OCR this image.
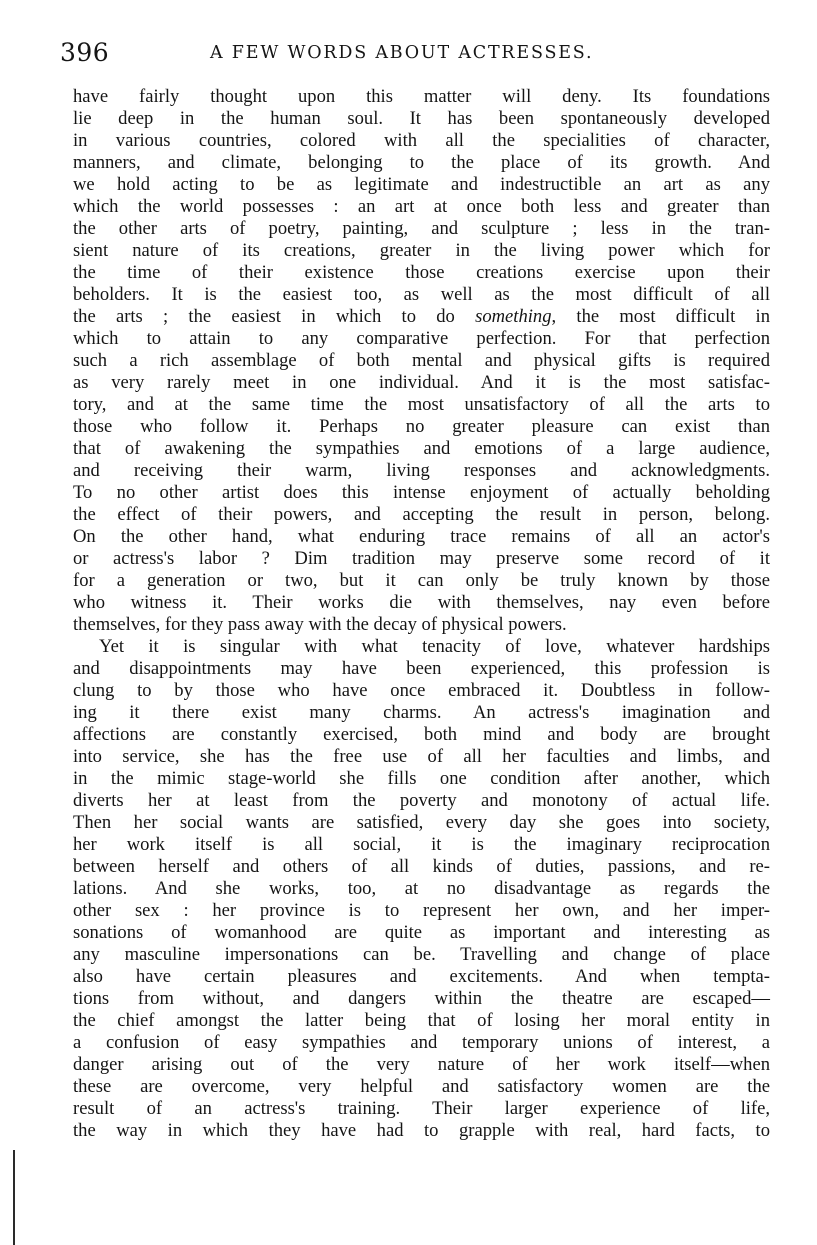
396	A FEW WORDS ABOUT ACTRESSES.
have fairly thought upon this matter will deny. Its foundations
lie deep in the human soul. It has been spontaneously developed
in various countries, colored with all the specialities of character,
manners, and climate, belonging to the place of its growth. And
we hold acting to be as legitimate and indestructible an art as any
which the world possesses : an art at once both less and greater than
the other arts of poetry, painting, and sculpture ; less in the tran-
sient nature of its creations, greater in the living power which for
the time of their existence those creations exercise upon their
beholders. It is the easiest too, as well as the most difficult of all
the arts ; the easiest in which to do something, the most difficult in
which to attain to any comparative perfection. For that perfection
such a rich assemblage of both mental and physical gifts is required
as very rarely meet in one individual. And it is the most satisfac-
tory, and at the same time the most unsatisfactory of all the arts to
those who follow it. Perhaps no greater pleasure can exist than
that of awakening the sympathies and emotions of a large audience,
and receiving their warm, living responses and acknowledgments.
To no other artist does this intense enjoyment of actually beholding
the effect of their powers, and accepting the result in person, belong.
On the other hand, what enduring trace remains of all an actor's
or actress's labor ? Dim tradition may preserve some record of it
for a generation or two, but it can only be truly known by those
who witness it. Their works die with themselves, nay even before
themselves, for they pass away with the decay of physical powers.
Yet it is singular with what tenacity of love, whatever hardships
and disappointments may have been experienced, this profession is
clung to by those who have once embraced it. Doubtless in follow-
ing it there exist many charms. An actress's imagination and
affections are constantly exercised, both mind and body are brought
into service, she has the free use of all her faculties and limbs, and
in the mimic stage-world she fills one condition after another, which
diverts her at least from the poverty and monotony of actual life.
Then her social wants are satisfied, every day she goes into society,
her work itself is all social, it is the imaginary reciprocation
between herself and others of all kinds of duties, passions, and re-
lations. And she works, too, at no disadvantage as regards the
other sex : her province is to represent her own, and her imper-
sonations of womanhood are quite as important and interesting as
any masculine impersonations can be. Travelling and change of place
also have certain pleasures and excitements. And when tempta-
tions from without, and dangers within the theatre are escaped—
the chief amongst the latter being that of losing her moral entity in
a confusion of easy sympathies and temporary unions of interest, a
danger arising out of the very nature of her work itself—when
these are overcome, very helpful and satisfactory women are the
result of an actress's training. Their larger experience of life,
the way in which they have had to grapple with real, hard facts, to
